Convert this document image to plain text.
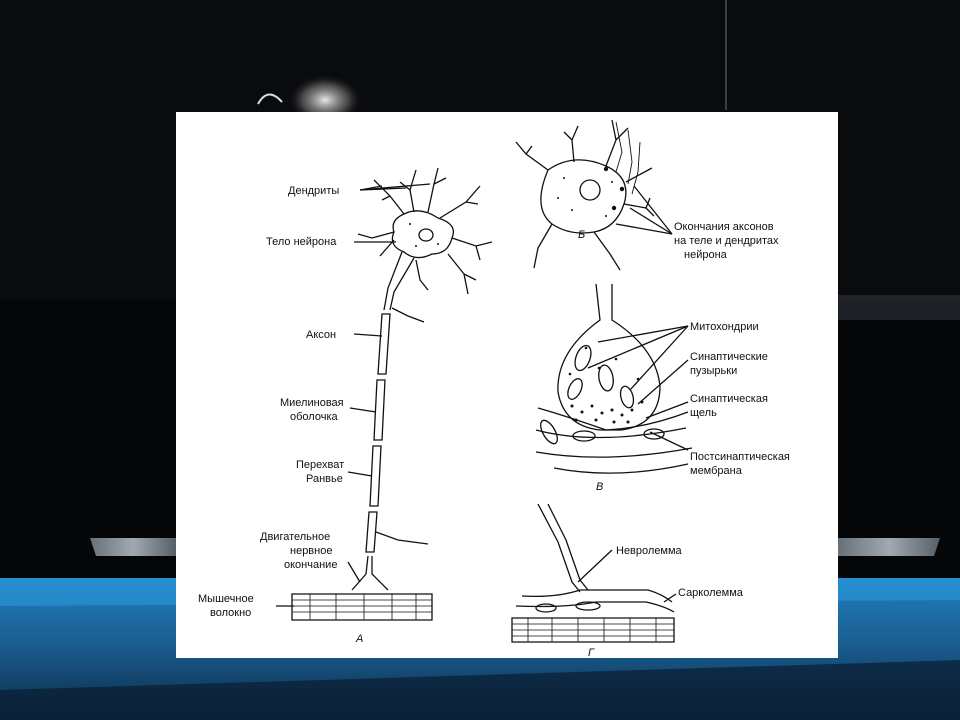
Дендриты
Тело нейрона
Аксон
Миелиновая
оболочка
Перехват
Ранвье
Двигательное
нервное
окончание
Мышечное
волокно
А
Окончания аксонов
на теле и дендритах
нейрона
Б
Митохондрии
Синаптические
пузырьки
Синаптическая
щель
Постсинаптическая
мембрана
В
Невролемма
Сарколемма
Г
